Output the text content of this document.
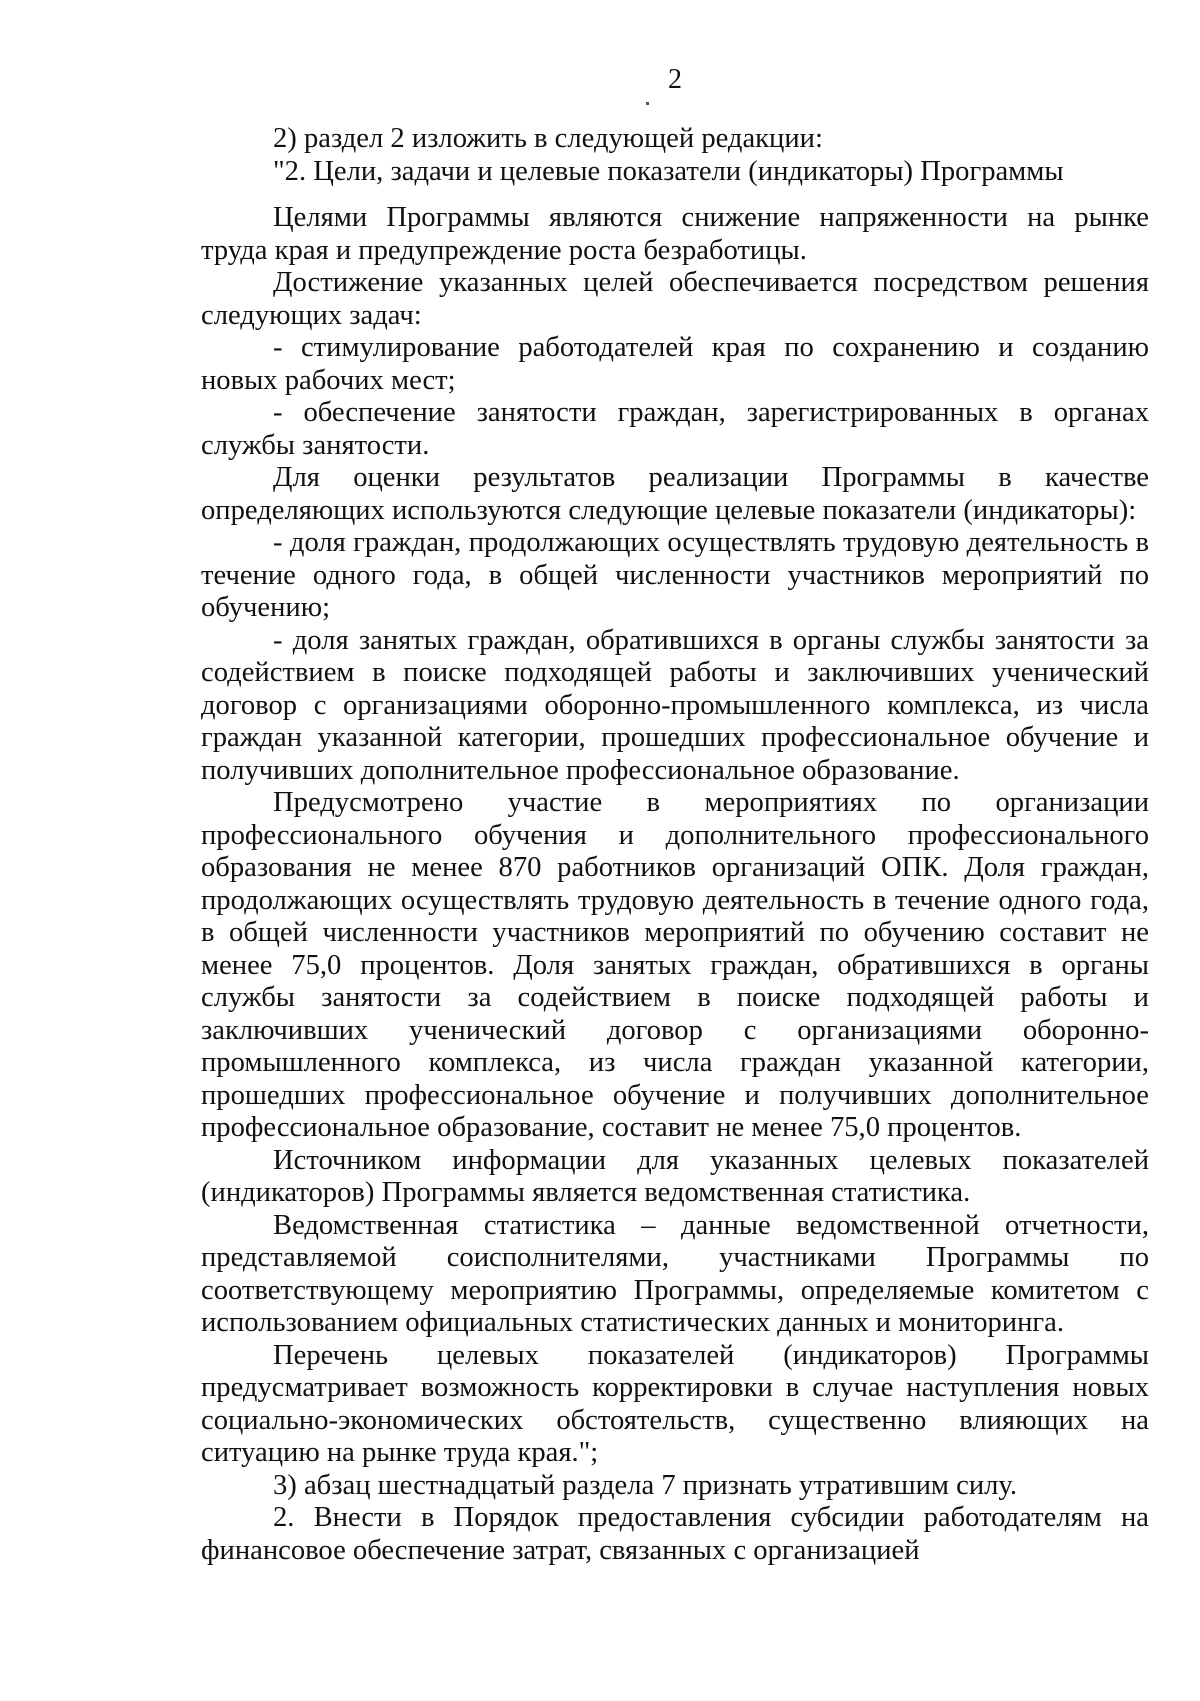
2

2) раздел 2 изложить в следующей редакции:

"2. Цели, задачи и целевые показатели (индикаторы) Программы

Целями Программы являются снижение напряженности на рынке труда края и предупреждение роста безработицы.

Достижение указанных целей обеспечивается посредством решения следующих задач:

- стимулирование работодателей края по сохранению и созданию новых рабочих мест;

- обеспечение занятости граждан, зарегистрированных в органах службы занятости.

Для оценки результатов реализации Программы в качестве определяющих используются следующие целевые показатели (индикаторы):

- доля граждан, продолжающих осуществлять трудовую деятельность в течение одного года, в общей численности участников мероприятий по обучению;

- доля занятых граждан, обратившихся в органы службы занятости за содействием в поиске подходящей работы и заключивших ученический договор с организациями оборонно-промышленного комплекса, из числа граждан указанной категории, прошедших профессиональное обучение и получивших дополнительное профессиональное образование.

Предусмотрено участие в мероприятиях по организации профессионального обучения и дополнительного профессионального образования не менее 870 работников организаций ОПК. Доля граждан, продолжающих осуществлять трудовую деятельность в течение одного года, в общей численности участников мероприятий по обучению составит не менее 75,0 процентов. Доля занятых граждан, обратившихся в органы службы занятости за содействием в поиске подходящей работы и заключивших ученический договор с организациями оборонно-промышленного комплекса, из числа граждан указанной категории, прошедших профессиональное обучение и получивших дополнительное профессиональное образование, составит не менее 75,0 процентов.

Источником информации для указанных целевых показателей (индикаторов) Программы является ведомственная статистика.

Ведомственная статистика – данные ведомственной отчетности, представляемой соисполнителями, участниками Программы по соответствующему мероприятию Программы, определяемые комитетом с использованием официальных статистических данных и мониторинга.

Перечень целевых показателей (индикаторов) Программы предусматривает возможность корректировки в случае наступления новых социально-экономических обстоятельств, существенно влияющих на ситуацию на рынке труда края.";

3) абзац шестнадцатый раздела 7 признать утратившим силу.

2. Внести в Порядок предоставления субсидии работодателям на финансовое обеспечение затрат, связанных с организацией
